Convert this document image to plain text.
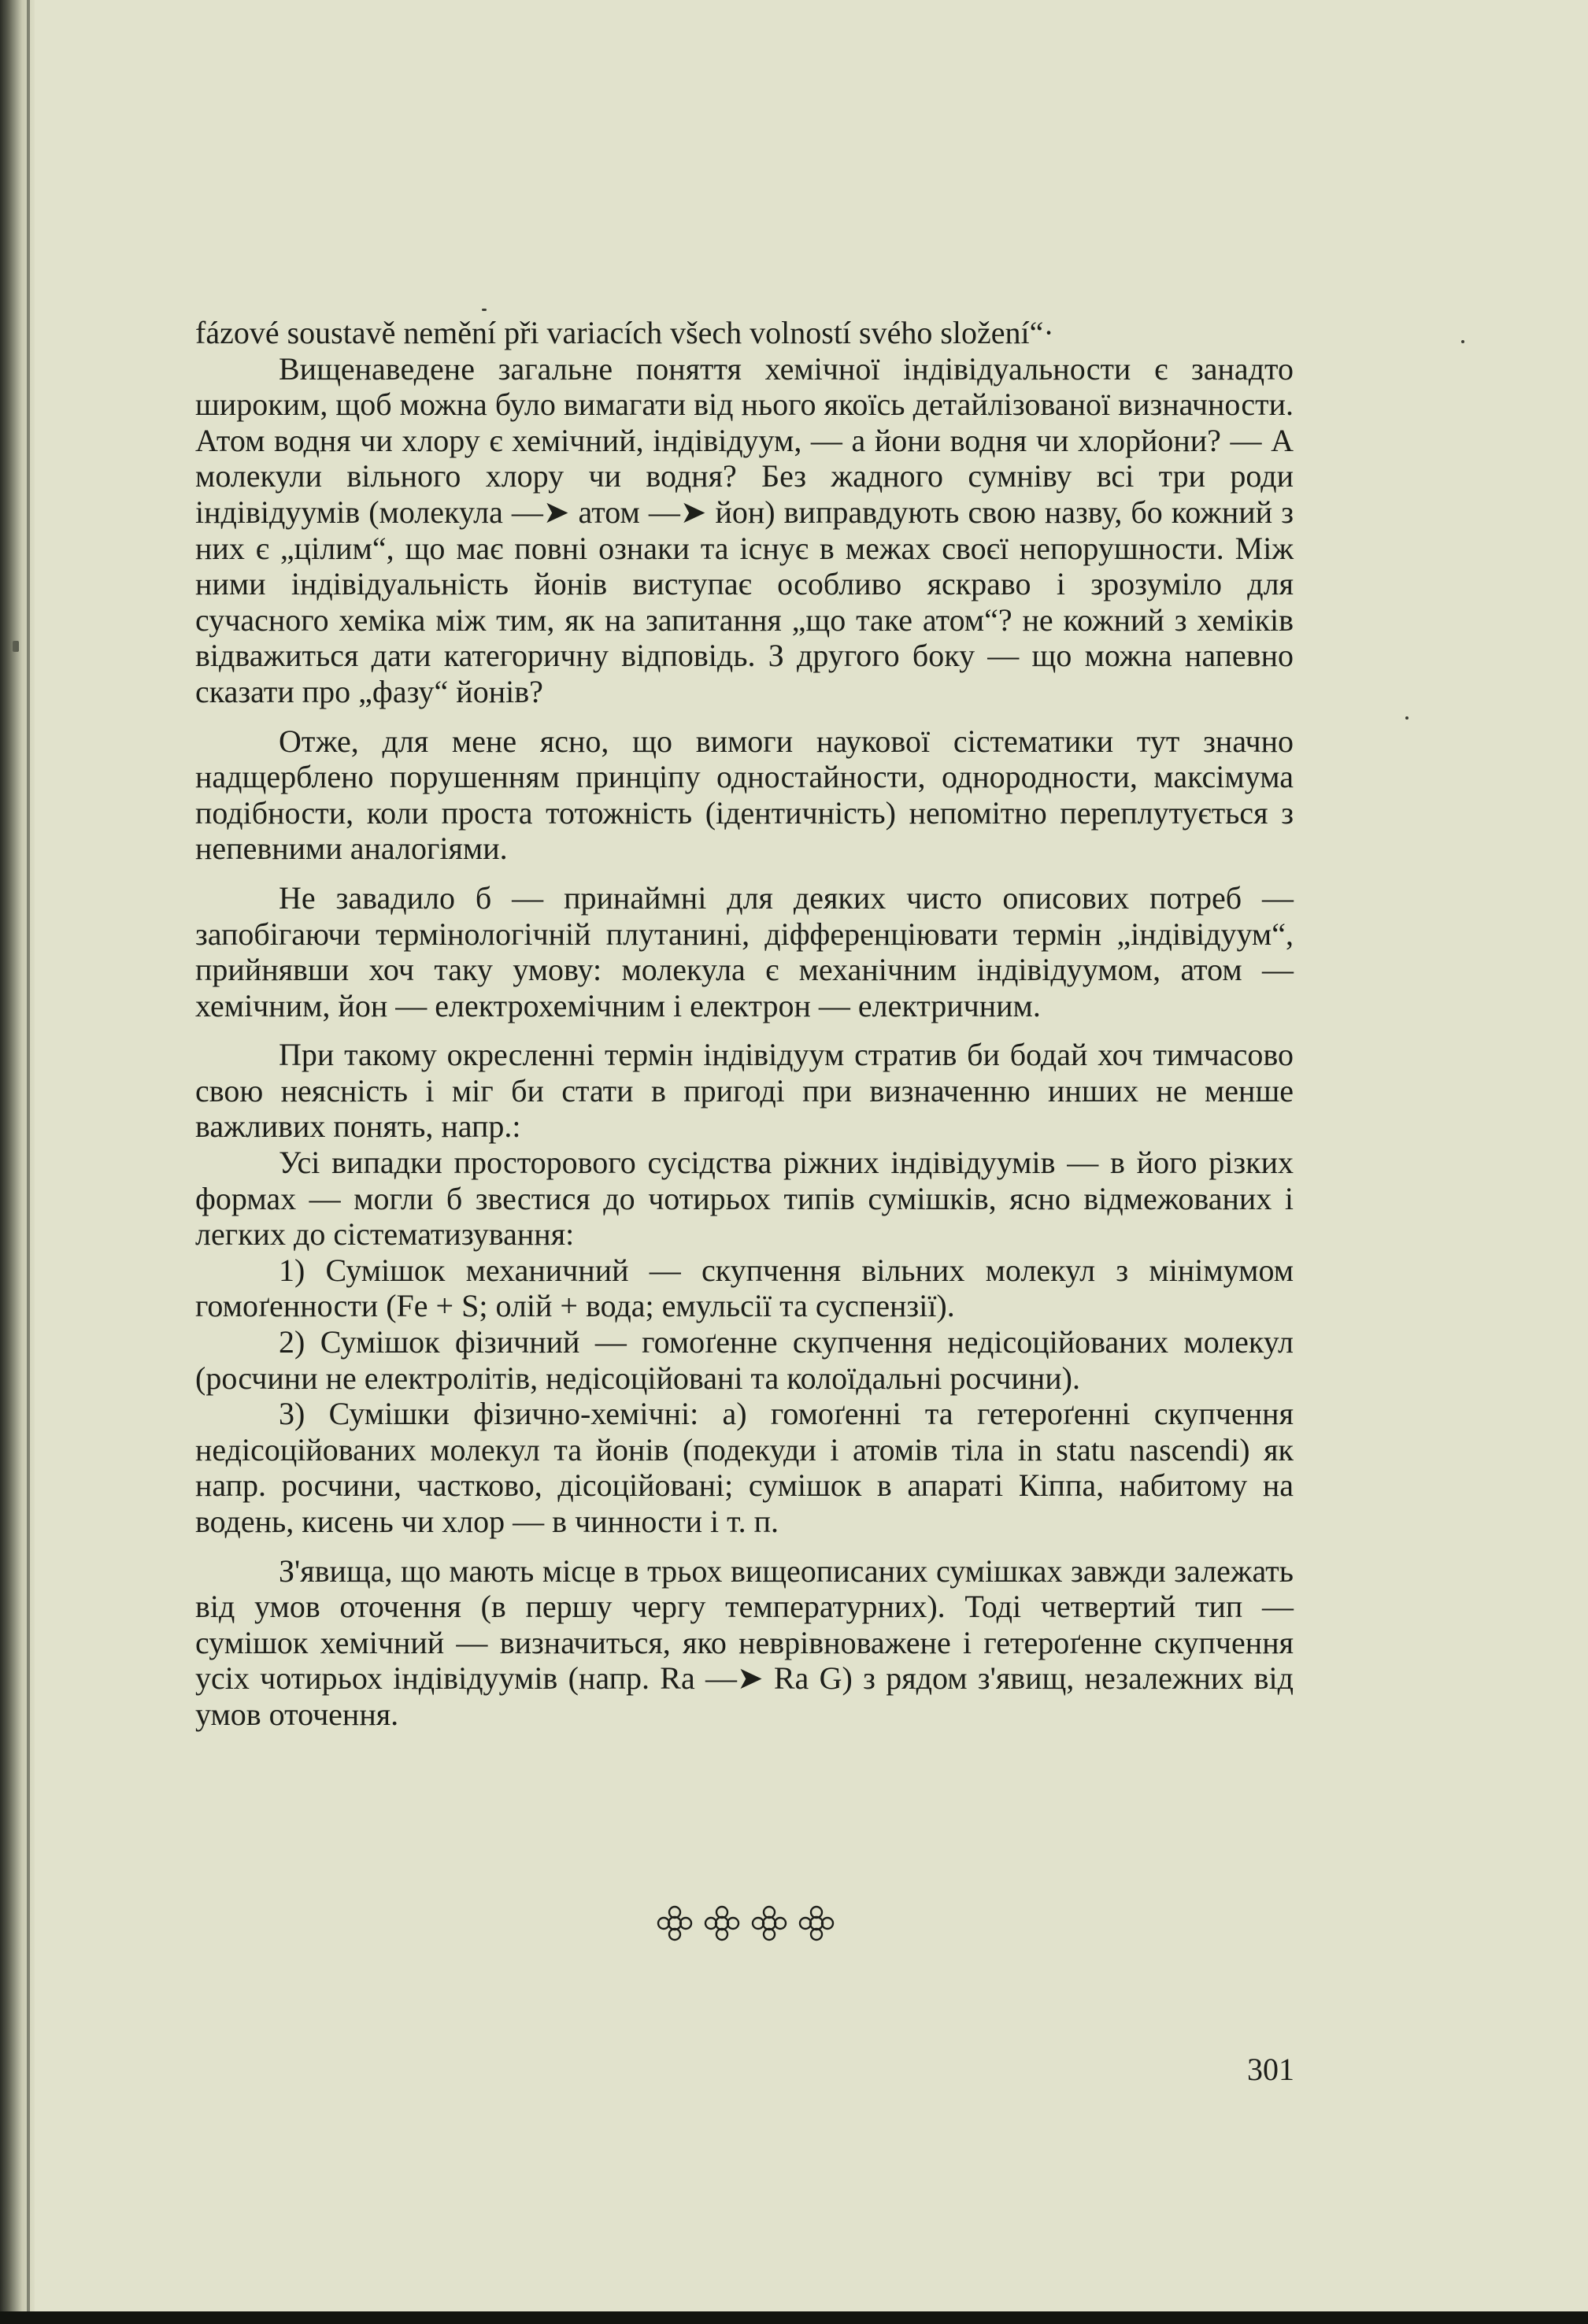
fázové soustavě nemění při variacích všech volností svého složení“·

Вищенаведене загальне поняття хемічної індівідуальности є занадто широким, щоб можна було вимагати від нього якоїсь детайлізованої визначности. Атом водня чи хлору є хемічний, індівідуум, — а йони водня чи хлорйони? — А молекули вільного хлору чи водня? Без жадного сумніву всі три роди індівідуумів (молекула —➤ атом —➤ йон) виправдують свою назву, бо кожний з них є „цілим“, що має повні ознаки та існує в межах своєї непорушности. Між ними індівідуальність йонів виступає особливо яскраво і зрозуміло для сучасного хеміка між тим, як на запитання „що таке атом“? не кожний з хеміків відважиться дати категоричну відповідь. З другого боку — що можна напевно сказати про „фазу“ йонів?

Отже, для мене ясно, що вимоги наукової сістематики тут значно надщерблено порушенням принціпу одностайности, однородности, максімума подібности, коли проста тотожність (ідентичність) непомітно переплутується з непевними аналогіями.

Не завадило б — принаймні для деяких чисто описових потреб — запобігаючи термінологічній плутанині, діфференціювати термін „індівідуум“, прийнявши хоч таку умову: молекула є механічним індівідуумом, атом — хемічним, йон — електрохемічним і електрон — електричним.

При такому окресленні термін індівідуум стратив би бодай хоч тимчасово свою неясність і міг би стати в пригоді при визначенню инших не менше важливих понять, напр.:

Усі випадки просторового сусідства ріжних індівідуумів — в його різких формах — могли б звестися до чотирьох типів сумішків, ясно відмежованих і легких до сістематизування:

1) Сумішок механичний — скупчення вільних молекул з мінімумом гомоґенности (Fe + S; олій + вода; емульсії та суспензії).

2) Сумішок фізичний — гомоґенне скупчення недісоційованих молекул (росчини не електролітів, недісоційовані та колоїдальні росчини).

3) Сумішки фізично-хемічні: а) гомоґенні та гетероґенні скупчення недісоційованих молекул та йонів (подекуди і атомів тіла in statu nascendi) як напр. росчини, частково, дісоційовані; сумішок в апараті Кіппа, набитому на водень, кисень чи хлор — в чинности і т. п.

З'явища, що мають місце в трьох вищеописаних сумішках завжди залежать від умов оточення (в першу чергу температурних). Тоді четвертий тип — сумішок хемічний — визначиться, яко неврівноважене і гетероґенне скупчення усіх чотирьох індівідуумів (напр. Ra —➤ Ra G) з рядом з'явищ, незалежних від умов оточення.

301
